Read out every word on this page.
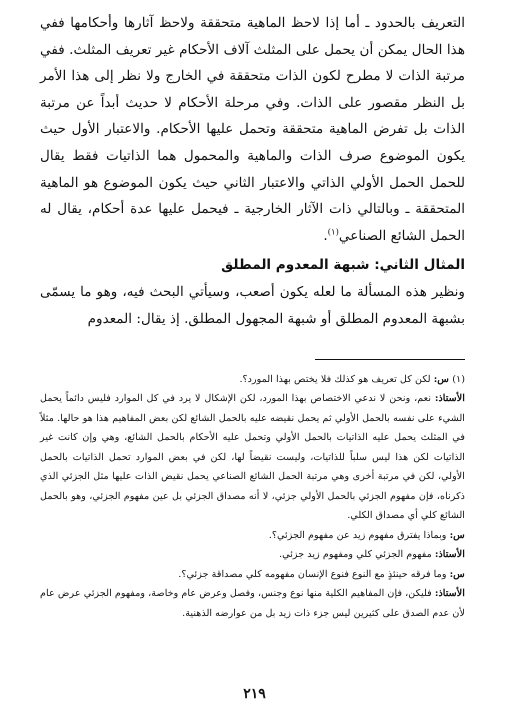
التعريف بالحدود ـ أما إذا لاحظ الماهية متحققة ولاحظ آثارها وأحكامها ففي هذا الحال يمكن أن يحمل على المثلث آلاف الأحكام غير تعريف المثلث. ففي مرتبة الذات لا مطرح لكون الذات متحققة في الخارج ولا نظر إلى هذا الأمر بل النظر مقصور على الذات. وفي مرحلة الأحكام لا حديث أبداً عن مرتبة الذات بل تفرض الماهية متحققة وتحمل عليها الأحكام. والاعتبار الأول حيث يكون الموضوع صرف الذات والماهية والمحمول هما الذاتيات فقط يقال للحمل الحمل الأولي الذاتي والاعتبار الثاني حيث يكون الموضوع هو الماهية المتحققة ـ وبالتالي ذات الآثار الخارجية ـ فيحمل عليها عدة أحكام، يقال له الحمل الشائع الصناعي$^{(١)}$.

المثال الثاني: شبهة المعدوم المطلق

ونظير هذه المسألة ما لعله يكون أصعب، وسيأتي البحث فيه، وهو ما يسمّى بشبهة المعدوم المطلق أو شبهة المجهول المطلق. إذ يقال: المعدوم

(١) س: لكن كل تعريف هو كذلك فلا يختص بهذا المورد؟.

الأستاذ: نعم، ونحن لا ندعي الاختصاص بهذا المورد، لكن الإشكال لا يرد في كل الموارد فليس دائماً يحمل الشيء على نفسه بالحمل الأولي ثم يحمل نقيضه عليه بالحمل الشائع لكن بعض المفاهيم هذا هو حالها. مثلاً في المثلث يحمل عليه الذاتيات بالحمل الأولي وتحمل عليه الأحكام بالحمل الشائع، وهي وإن كانت غير الذاتيات لكن هذا ليس سلباً للذاتيات، وليست نقيضاً لها، لكن في بعض الموارد تحمل الذاتيات بالحمل الأولي، لكن في مرتبة أخرى وهي مرتبة الحمل الشائع الصناعي يحمل نقيض الذات عليها مثل الجزئي الذي ذكرناه، فإن مفهوم الجزئي بالحمل الأولي جزئي، لا أنه مصداق الجزئي بل عين مفهوم الجزئي، وهو بالحمل الشائع كلي أي مصداق الكلي.

س: وبماذا يفترق مفهوم زيد عن مفهوم الجزئي؟.

الأستاذ: مفهوم الجزئي كلي ومفهوم زيد جزئي.

س: وما فرقه حينئذٍ مع النوع فنوع الإنسان مفهومه كلي مصداقة جزئي؟.

الأستاذ: فليكن، فإن المفاهيم الكلية منها نوع وجنس، وفصل وعرض عام وخاصة، ومفهوم الجزئي عرض عام لأن عدم الصدق على كثيرين ليس جزء ذات زيد بل من عوارضه الذهنية.

٢١٩
